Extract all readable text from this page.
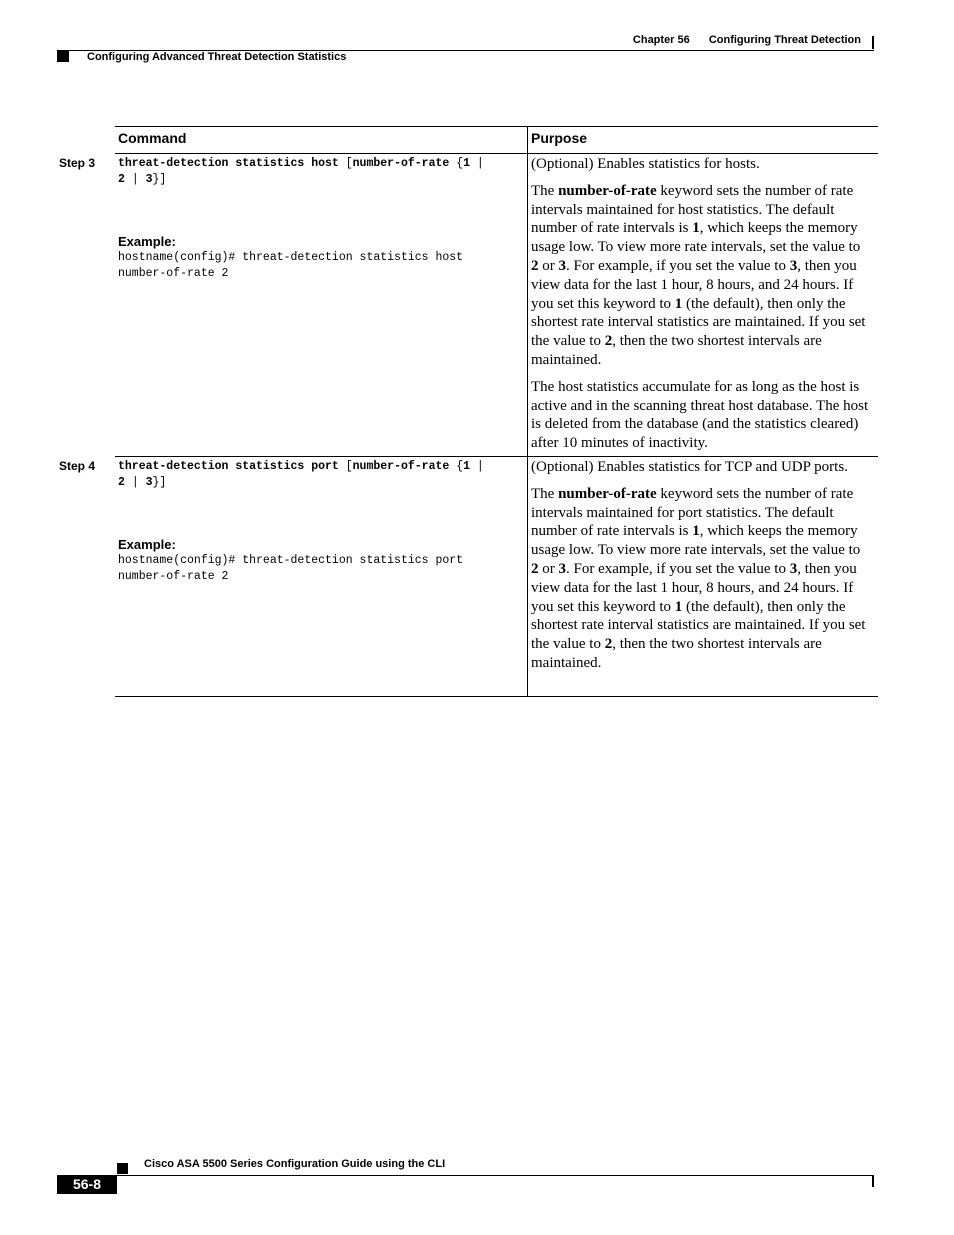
Chapter 56 Configuring Threat Detection
Configuring Advanced Threat Detection Statistics
Command	Purpose
Step 3 threat-detection statistics host [number-of-rate {1 |
2 | 3}]
Example:
hostname(config)# threat-detection statistics host
number-of-rate 2

(Optional) Enables statistics for hosts.

The number-of-rate keyword sets the number of rate intervals maintained for host statistics. The default number of rate intervals is 1, which keeps the memory usage low. To view more rate intervals, set the value to 2 or 3. For example, if you set the value to 3, then you view data for the last 1 hour, 8 hours, and 24 hours. If you set this keyword to 1 (the default), then only the shortest rate interval statistics are maintained. If you set the value to 2, then the two shortest intervals are maintained.

The host statistics accumulate for as long as the host is active and in the scanning threat host database. The host is deleted from the database (and the statistics cleared) after 10 minutes of inactivity.

Step 4 threat-detection statistics port [number-of-rate {1 |
2 | 3}]
Example:
hostname(config)# threat-detection statistics port
number-of-rate 2

(Optional) Enables statistics for TCP and UDP ports.

The number-of-rate keyword sets the number of rate intervals maintained for port statistics. The default number of rate intervals is 1, which keeps the memory usage low. To view more rate intervals, set the value to 2 or 3. For example, if you set the value to 3, then you view data for the last 1 hour, 8 hours, and 24 hours. If you set this keyword to 1 (the default), then only the shortest rate interval statistics are maintained. If you set the value to 2, then the two shortest intervals are maintained.

Cisco ASA 5500 Series Configuration Guide using the CLI
56-8
